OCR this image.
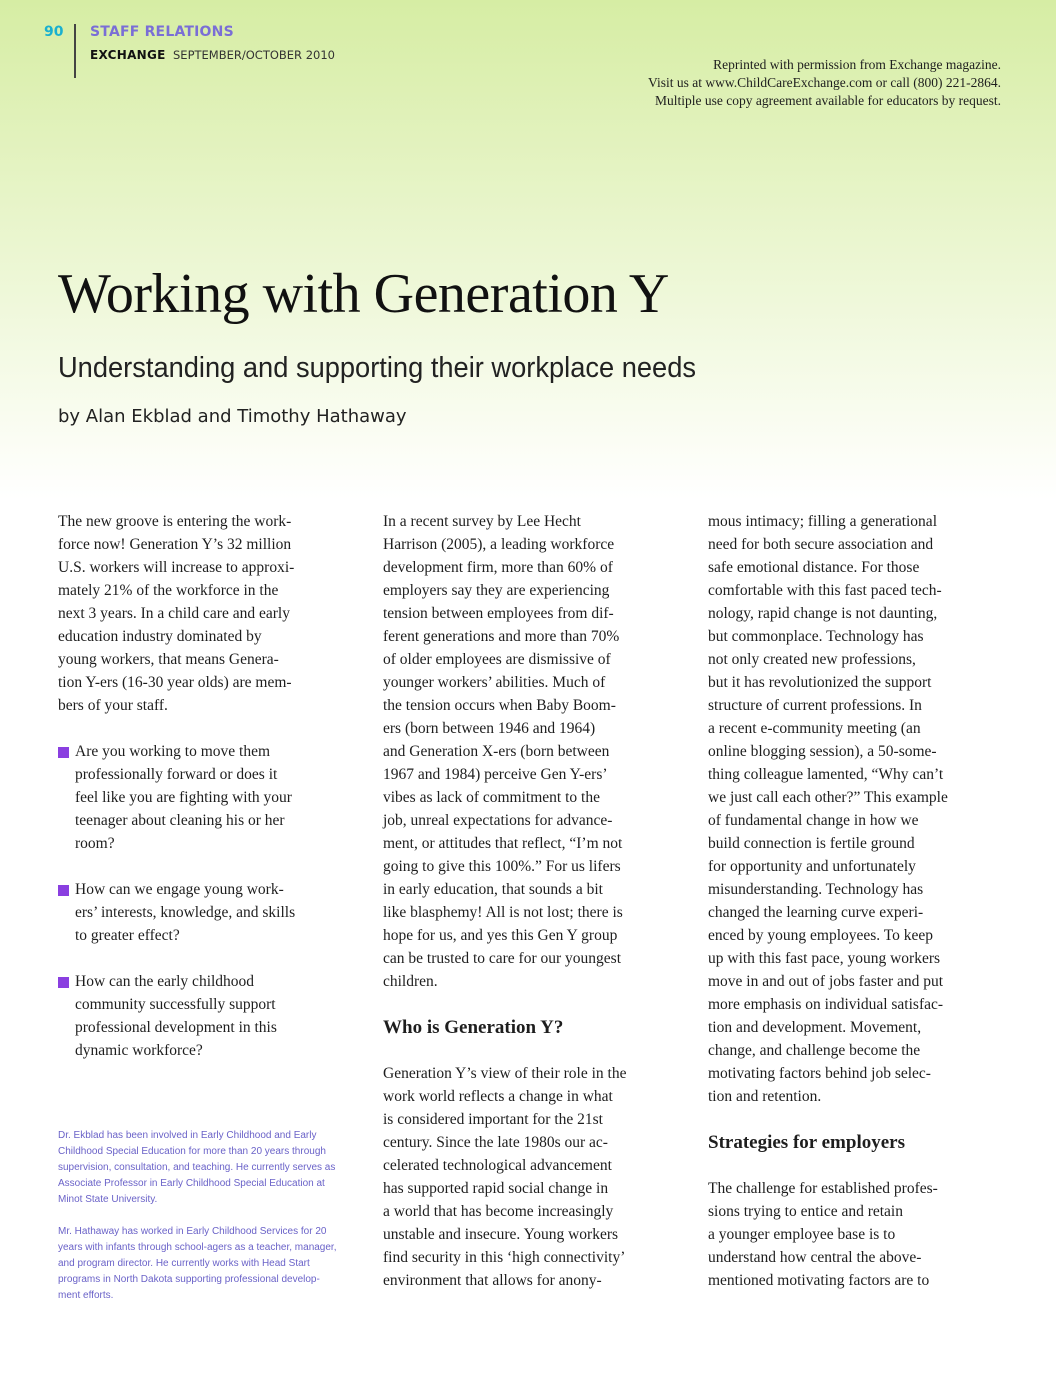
90 STAFF RELATIONS
EXCHANGE SEPTEMBER/OCTOBER 2010
Reprinted with permission from Exchange magazine.
Visit us at www.ChildCareExchange.com or call (800) 221-2864.
Multiple use copy agreement available for educators by request.
Working with Generation Y
Understanding and supporting their workplace needs
by Alan Ekblad and Timothy Hathaway
The new groove is entering the work-
force now! Generation Y’s 32 million
U.S. workers will increase to approxi-
mately 21% of the workforce in the
next 3 years. In a child care and early
education industry dominated by
young workers, that means Genera-
tion Y-ers (16-30 year olds) are mem-
bers of your staff.
Are you working to move them
professionally forward or does it
feel like you are fighting with your
teenager about cleaning his or her
room?
How can we engage young work-
ers’ interests, knowledge, and skills
to greater effect?
How can the early childhood
community successfully support
professional development in this
dynamic workforce?
Dr. Ekblad has been involved in Early Childhood and Early
Childhood Special Education for more than 20 years through
supervision, consultation, and teaching. He currently serves as
Associate Professor in Early Childhood Special Education at
Minot State University.
Mr. Hathaway has worked in Early Childhood Services for 20
years with infants through school-agers as a teacher, manager,
and program director. He currently works with Head Start
programs in North Dakota supporting professional develop-
ment efforts.
In a recent survey by Lee Hecht
Harrison (2005), a leading workforce
development firm, more than 60% of
employers say they are experiencing
tension between employees from dif-
ferent generations and more than 70%
of older employees are dismissive of
younger workers’ abilities. Much of
the tension occurs when Baby Boom-
ers (born between 1946 and 1964)
and Generation X-ers (born between
1967 and 1984) perceive Gen Y-ers’
vibes as lack of commitment to the
job, unreal expectations for advance-
ment, or attitudes that reflect, “I’m not
going to give this 100%.” For us lifers
in early education, that sounds a bit
like blasphemy! All is not lost; there is
hope for us, and yes this Gen Y group
can be trusted to care for our youngest
children.
Who is Generation Y?
Generation Y’s view of their role in the
work world reflects a change in what
is considered important for the 21st
century. Since the late 1980s our ac-
celerated technological advancement
has supported rapid social change in
a world that has become increasingly
unstable and insecure. Young workers
find security in this ‘high connectivity’
environment that allows for anony-
mous intimacy; filling a generational
need for both secure association and
safe emotional distance. For those
comfortable with this fast paced tech-
nology, rapid change is not daunting,
but commonplace. Technology has
not only created new professions,
but it has revolutionized the support
structure of current professions. In
a recent e-community meeting (an
online blogging session), a 50-some-
thing colleague lamented, “Why can’t
we just call each other?” This example
of fundamental change in how we
build connection is fertile ground
for opportunity and unfortunately
misunderstanding. Technology has
changed the learning curve experi-
enced by young employees. To keep
up with this fast pace, young workers
move in and out of jobs faster and put
more emphasis on individual satisfac-
tion and development. Movement,
change, and challenge become the
motivating factors behind job selec-
tion and retention.
Strategies for employers
The challenge for established profes-
sions trying to entice and retain
a younger employee base is to
understand how central the above-
mentioned motivating factors are to
